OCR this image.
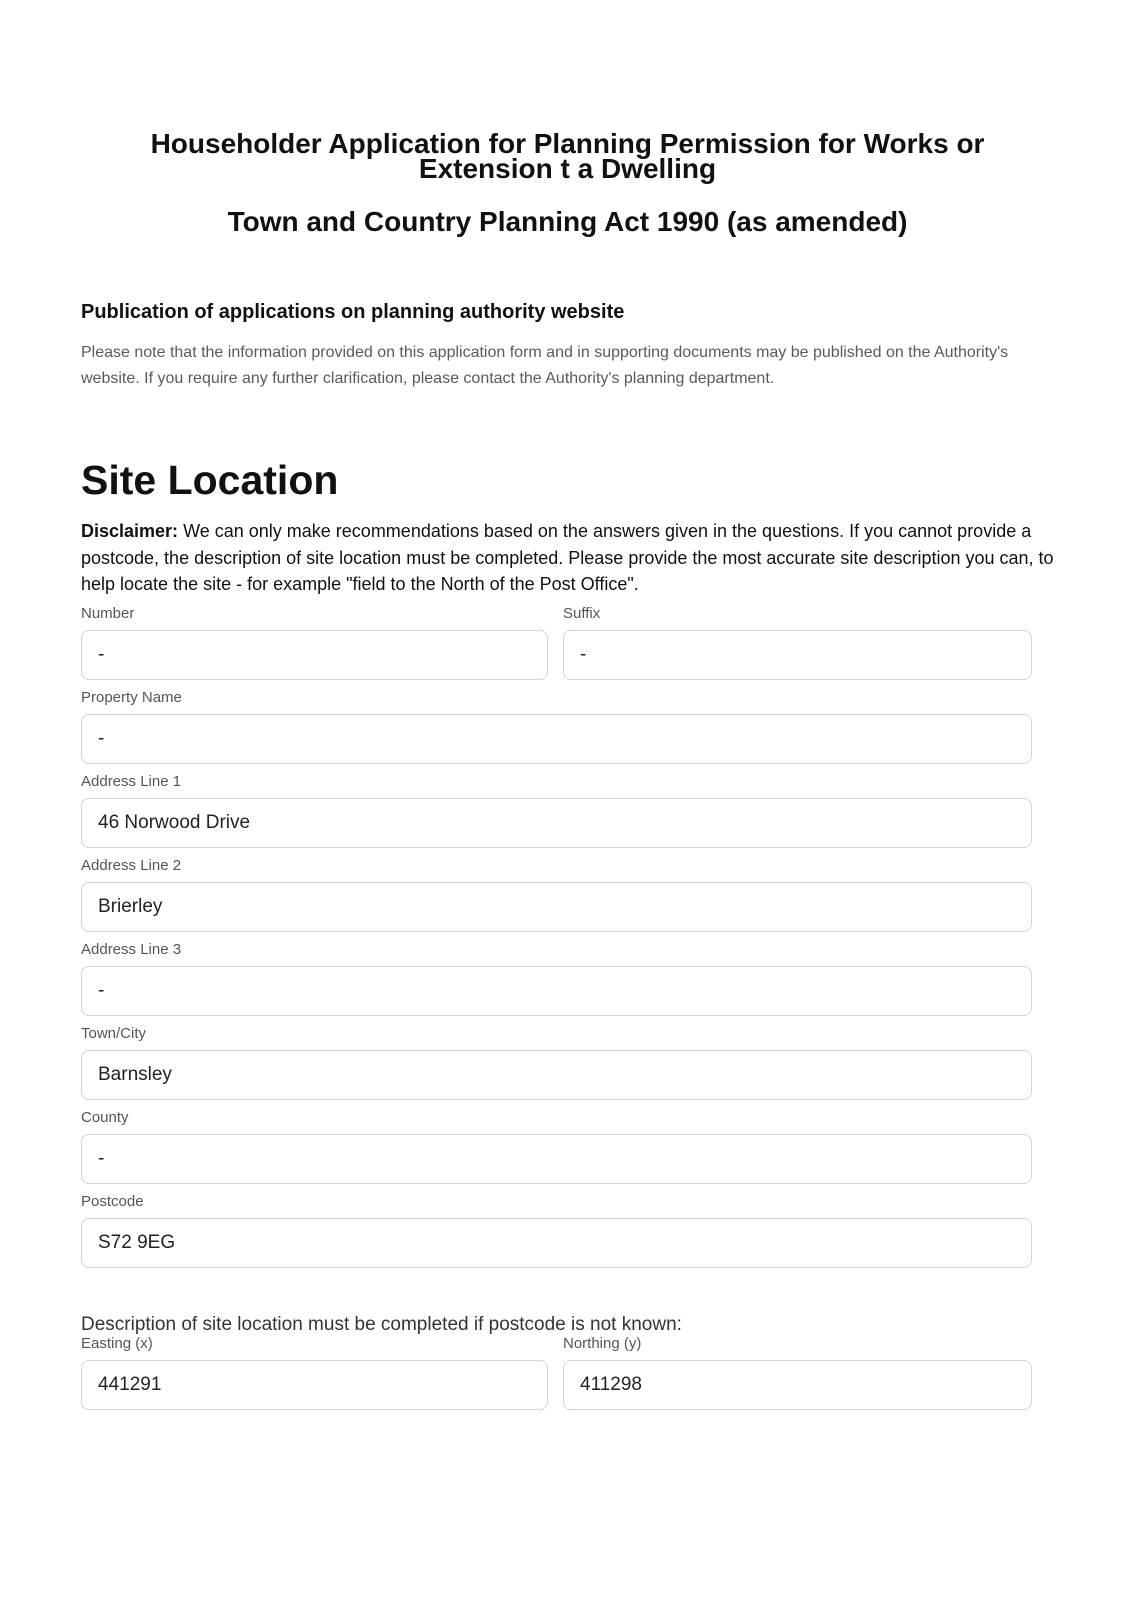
Householder Application for Planning Permission for Works or Extension t a Dwelling
Town and Country Planning Act 1990 (as amended)
Publication of applications on planning authority website

Please note that the information provided on this application form and in supporting documents may be published on the Authority's website. If you require any further clarification, please contact the Authority's planning department.

Site Location

Disclaimer: We can only make recommendations based on the answers given in the questions. If you cannot provide a postcode, the description of site location must be completed. Please provide the most accurate site description you can, to help locate the site - for example "field to the North of the Post Office".

Number
-
Suffix
-
Property Name
-
Address Line 1
46 Norwood Drive
Address Line 2
Brierley
Address Line 3
-
Town/City
Barnsley
County
-
Postcode
S72 9EG

Description of site location must be completed if postcode is not known:

Easting (x)
441291
Northing (y)
411298
